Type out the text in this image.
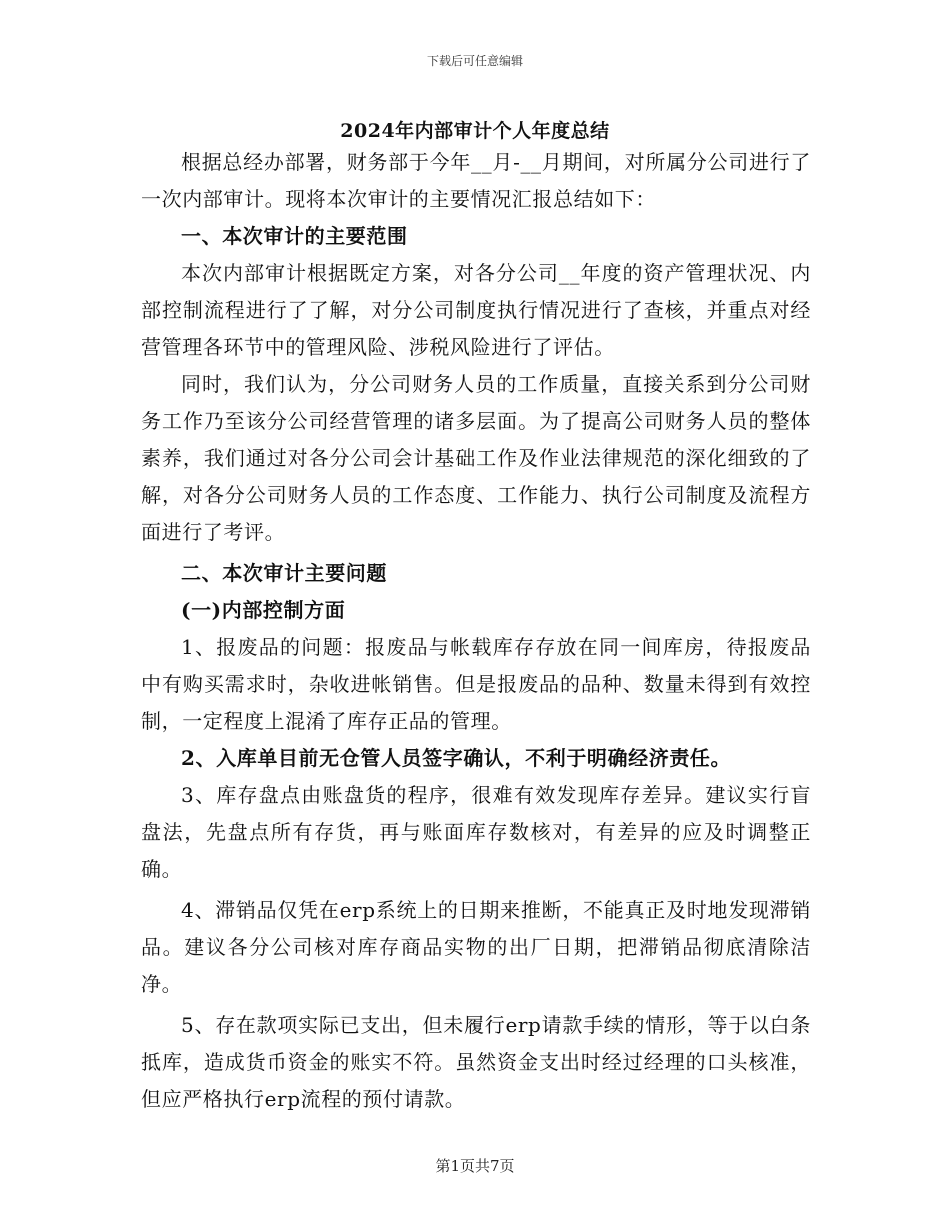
下载后可任意编辑
2024年内部审计个人年度总结

根据总经办部署，财务部于今年__月-__月期间，对所属分公司进行了一次内部审计。现将本次审计的主要情况汇报总结如下：

一、本次审计的主要范围

本次内部审计根据既定方案，对各分公司__年度的资产管理状况、内部控制流程进行了了解，对分公司制度执行情况进行了查核，并重点对经营管理各环节中的管理风险、涉税风险进行了评估。

同时，我们认为，分公司财务人员的工作质量，直接关系到分公司财务工作乃至该分公司经营管理的诸多层面。为了提高公司财务人员的整体素养，我们通过对各分公司会计基础工作及作业法律规范的深化细致的了解，对各分公司财务人员的工作态度、工作能力、执行公司制度及流程方面进行了考评。

二、本次审计主要问题

(一)内部控制方面

1、报废品的问题：报废品与帐载库存存放在同一间库房，待报废品中有购买需求时，杂收进帐销售。但是报废品的品种、数量未得到有效控制，一定程度上混淆了库存正品的管理。

2、入库单目前无仓管人员签字确认，不利于明确经济责任。

3、库存盘点由账盘货的程序，很难有效发现库存差异。建议实行盲盘法，先盘点所有存货，再与账面库存数核对，有差异的应及时调整正确。

4、滞销品仅凭在erp系统上的日期来推断，不能真正及时地发现滞销品。建议各分公司核对库存商品实物的出厂日期，把滞销品彻底清除洁净。

5、存在款项实际已支出，但未履行erp请款手续的情形，等于以白条抵库，造成货币资金的账实不符。虽然资金支出时经过经理的口头核准，但应严格执行erp流程的预付请款。

第1页共7页
